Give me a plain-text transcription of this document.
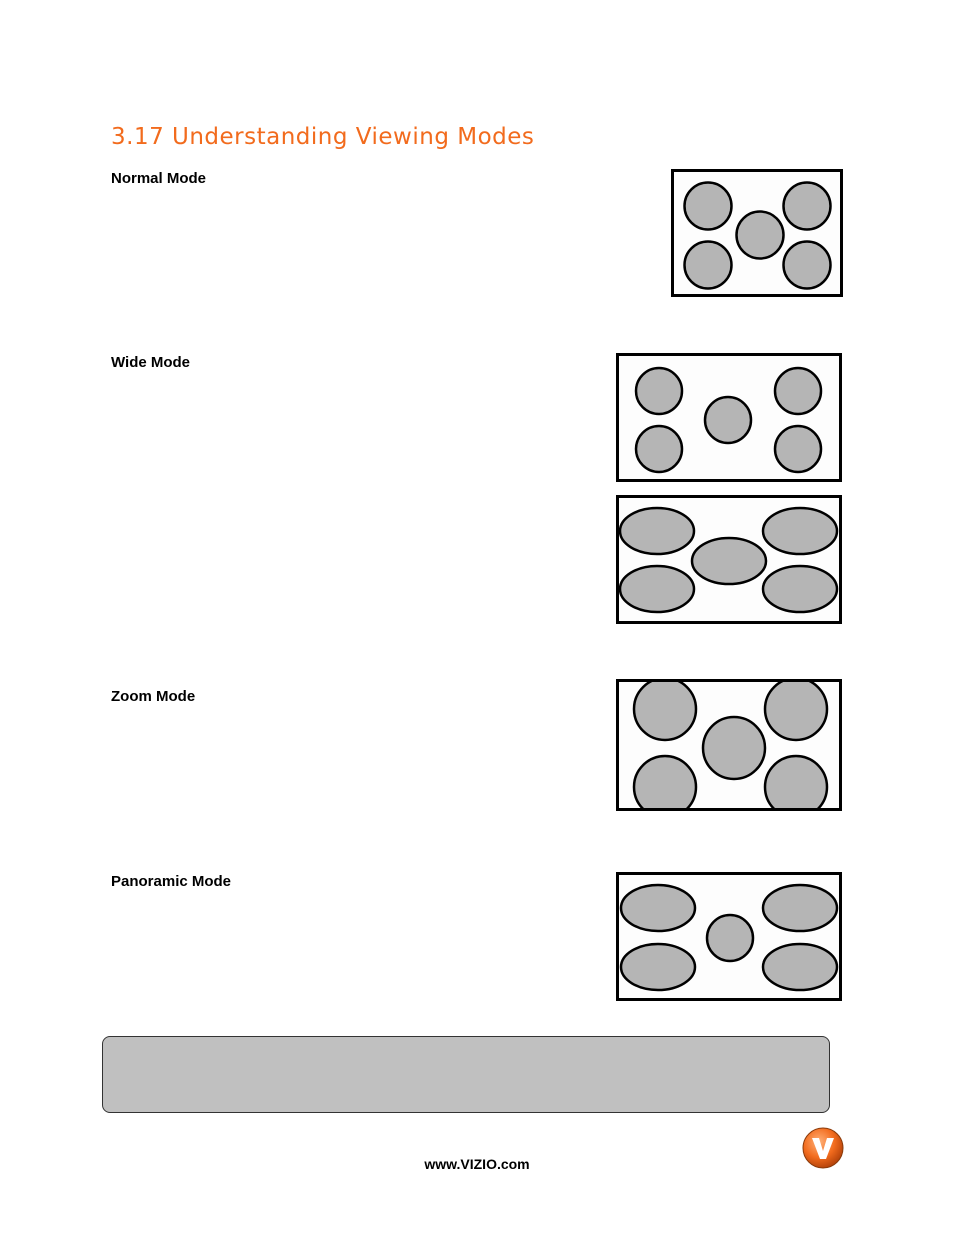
3.17 Understanding Viewing Modes
Normal Mode
Wide Mode
Zoom Mode
Panoramic Mode
www.VIZIO.com
